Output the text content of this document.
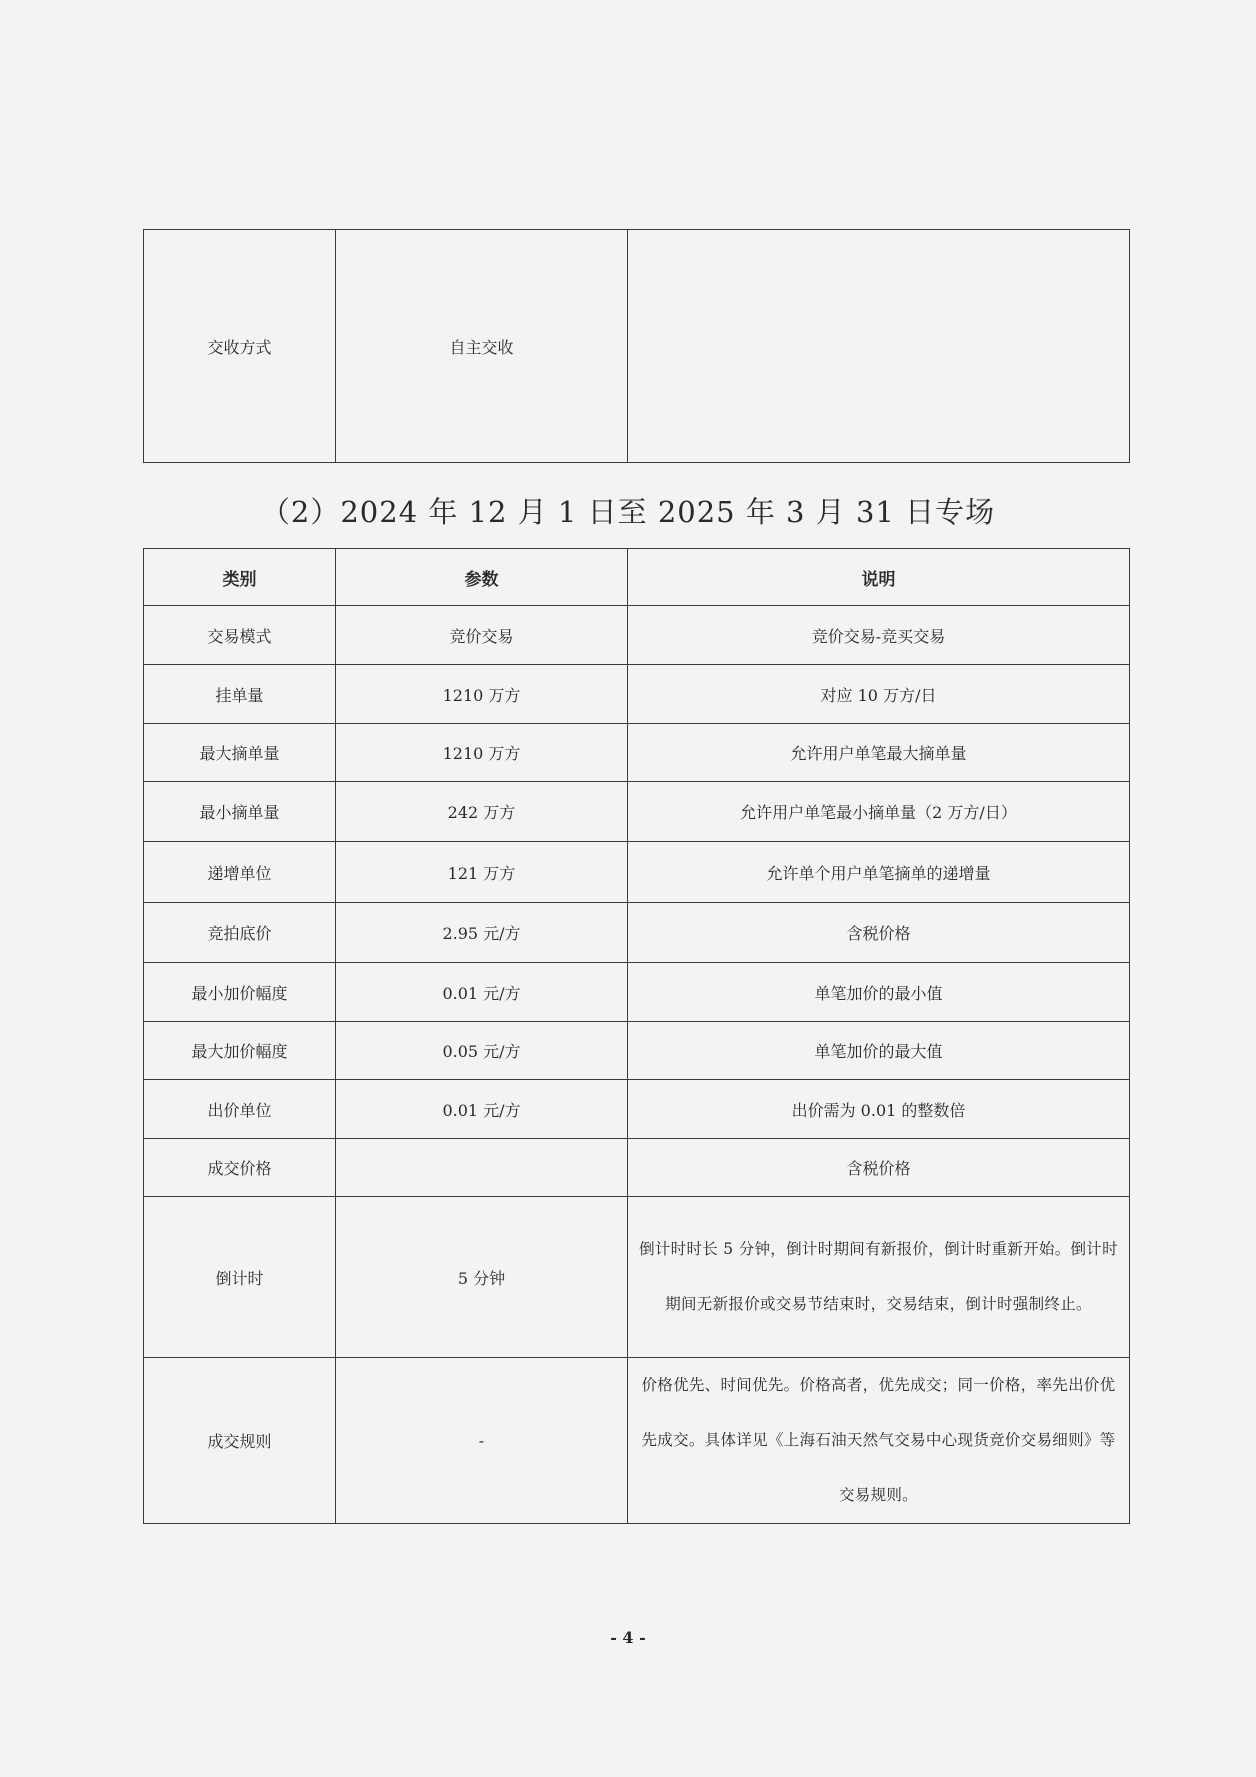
交收方式	自主交收	
（2）2024 年 12 月 1 日至 2025 年 3 月 31 日专场
类别	参数	说明
交易模式	竞价交易	竞价交易-竞买交易
挂单量	1210 万方	对应 10 万方/日
最大摘单量	1210 万方	允许用户单笔最大摘单量
最小摘单量	242 万方	允许用户单笔最小摘单量（2 万方/日）
递增单位	121 万方	允许单个用户单笔摘单的递增量
竞拍底价	2.95 元/方	含税价格
最小加价幅度	0.01 元/方	单笔加价的最小值
最大加价幅度	0.05 元/方	单笔加价的最大值
出价单位	0.01 元/方	出价需为 0.01 的整数倍
成交价格		含税价格
倒计时	5 分钟	倒计时时长 5 分钟，倒计时期间有新报价，倒计时重新开始。倒计时期间无新报价或交易节结束时，交易结束，倒计时强制终止。
成交规则	-	价格优先、时间优先。价格高者，优先成交；同一价格，率先出价优先成交。具体详见《上海石油天然气交易中心现货竞价交易细则》等交易规则。
- 4 -
